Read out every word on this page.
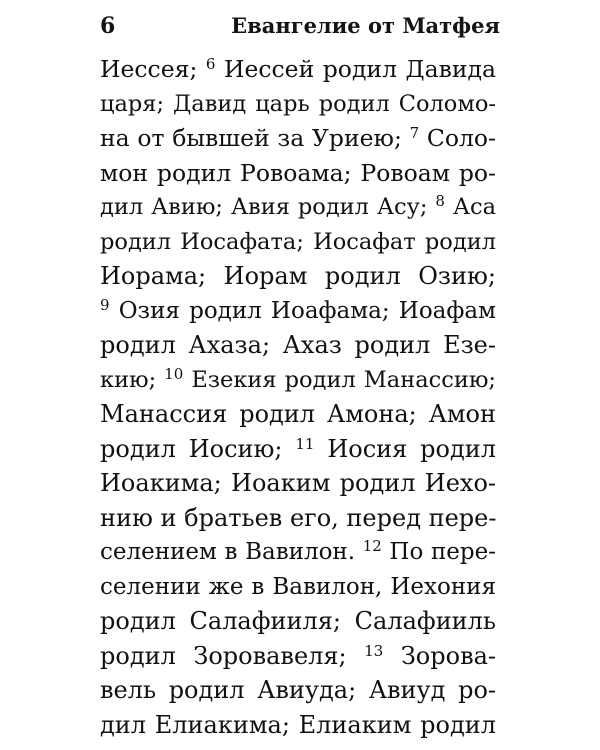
6	Евангелие от Матфея
Иессея; $^6$ Иессей родил Давида
царя; Давид царь родил Соломо-
на от бывшей за Уриею; $^7$ Соло-
мон родил Ровоама; Ровоам ро-
дил Авию; Авия родил Асу; $^8$ Аса
родил Иосафата; Иосафат родил
Иорама; Иорам родил Озию;
$^9$ Озия родил Иоафама; Иоафам
родил Ахаза; Ахаз родил Езе-
кию; $^{10}$ Езекия родил Манассию;
Манассия родил Амона; Амон
родил Иосию; $^{11}$ Иосия родил
Иоакима; Иоаким родил Иехо-
нию и братьев его, перед пере-
селением в Вавилон. $^{12}$ По пере-
селении же в Вавилон, Иехония
родил Салафииля; Салафииль
родил Зоровавеля; $^{13}$ Зорова-
вель родил Авиуда; Авиуд ро-
дил Елиакима; Елиаким родил
